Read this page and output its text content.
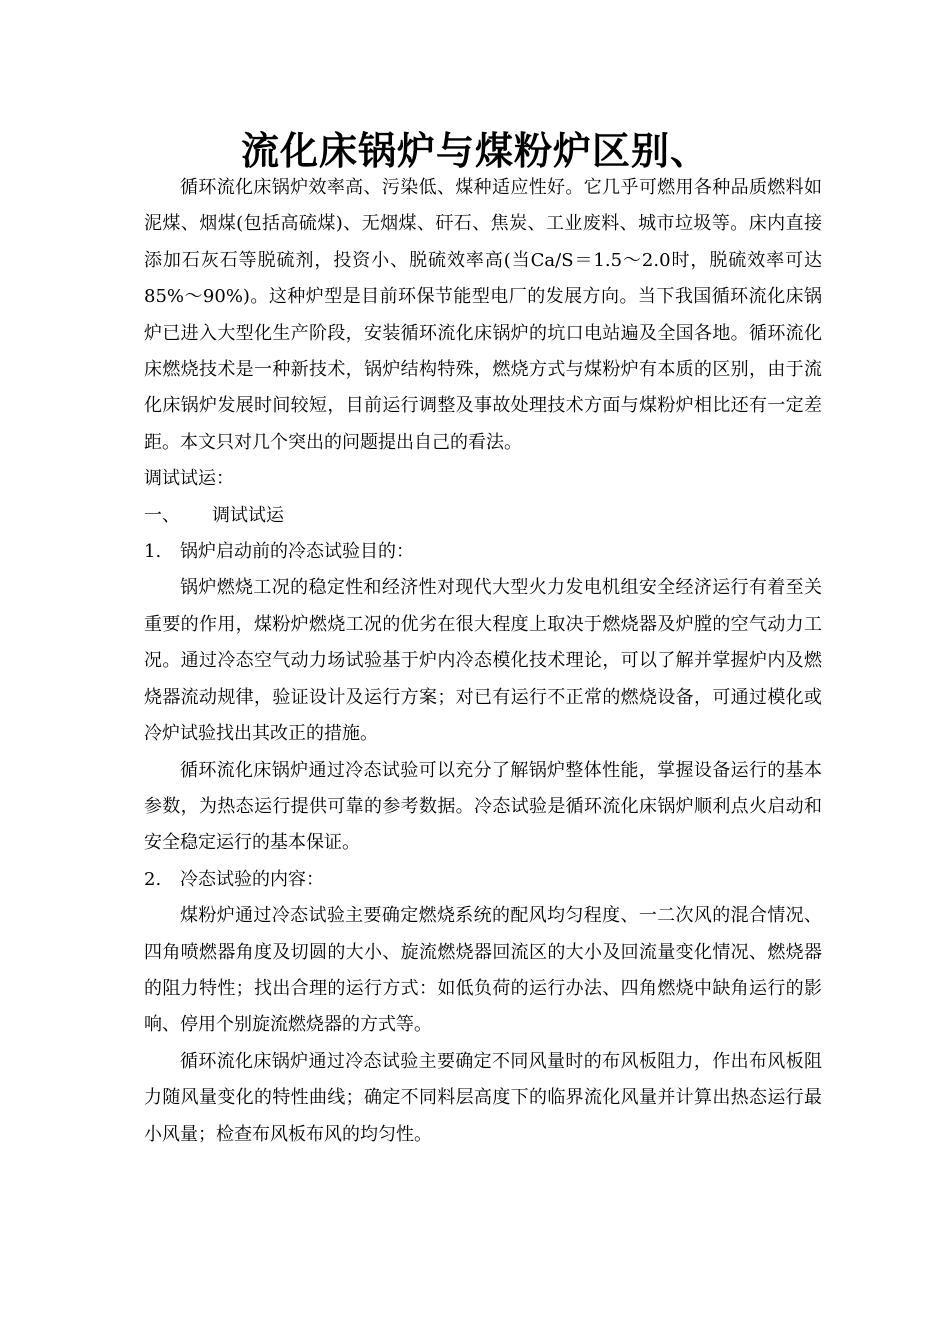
流化床锅炉与煤粉炉区别、

循环流化床锅炉效率高、污染低、煤种适应性好。它几乎可燃用各种品质燃料如泥煤、烟煤(包括高硫煤)、无烟煤、矸石、焦炭、工业废料、城市垃圾等。床内直接添加石灰石等脱硫剂，投资小、脱硫效率高(当Ca/S＝1.5～2.0时，脱硫效率可达85%～90%)。这种炉型是目前环保节能型电厂的发展方向。当下我国循环流化床锅炉已进入大型化生产阶段，安装循环流化床锅炉的坑口电站遍及全国各地。循环流化床燃烧技术是一种新技术，锅炉结构特殊，燃烧方式与煤粉炉有本质的区别，由于流化床锅炉发展时间较短，目前运行调整及事故处理技术方面与煤粉炉相比还有一定差距。本文只对几个突出的问题提出自己的看法。

调试试运：

一、	调试试运

1.	锅炉启动前的冷态试验目的：

锅炉燃烧工况的稳定性和经济性对现代大型火力发电机组安全经济运行有着至关重要的作用，煤粉炉燃烧工况的优劣在很大程度上取决于燃烧器及炉膛的空气动力工况。通过冷态空气动力场试验基于炉内冷态模化技术理论，可以了解并掌握炉内及燃烧器流动规律，验证设计及运行方案；对已有运行不正常的燃烧设备，可通过模化或冷炉试验找出其改正的措施。

循环流化床锅炉通过冷态试验可以充分了解锅炉整体性能，掌握设备运行的基本参数，为热态运行提供可靠的参考数据。冷态试验是循环流化床锅炉顺利点火启动和安全稳定运行的基本保证。

2.	冷态试验的内容：

煤粉炉通过冷态试验主要确定燃烧系统的配风均匀程度、一二次风的混合情况、四角喷燃器角度及切圆的大小、旋流燃烧器回流区的大小及回流量变化情况、燃烧器的阻力特性；找出合理的运行方式：如低负荷的运行办法、四角燃烧中缺角运行的影响、停用个别旋流燃烧器的方式等。

循环流化床锅炉通过冷态试验主要确定不同风量时的布风板阻力，作出布风板阻力随风量变化的特性曲线；确定不同料层高度下的临界流化风量并计算出热态运行最小风量；检查布风板布风的均匀性。
